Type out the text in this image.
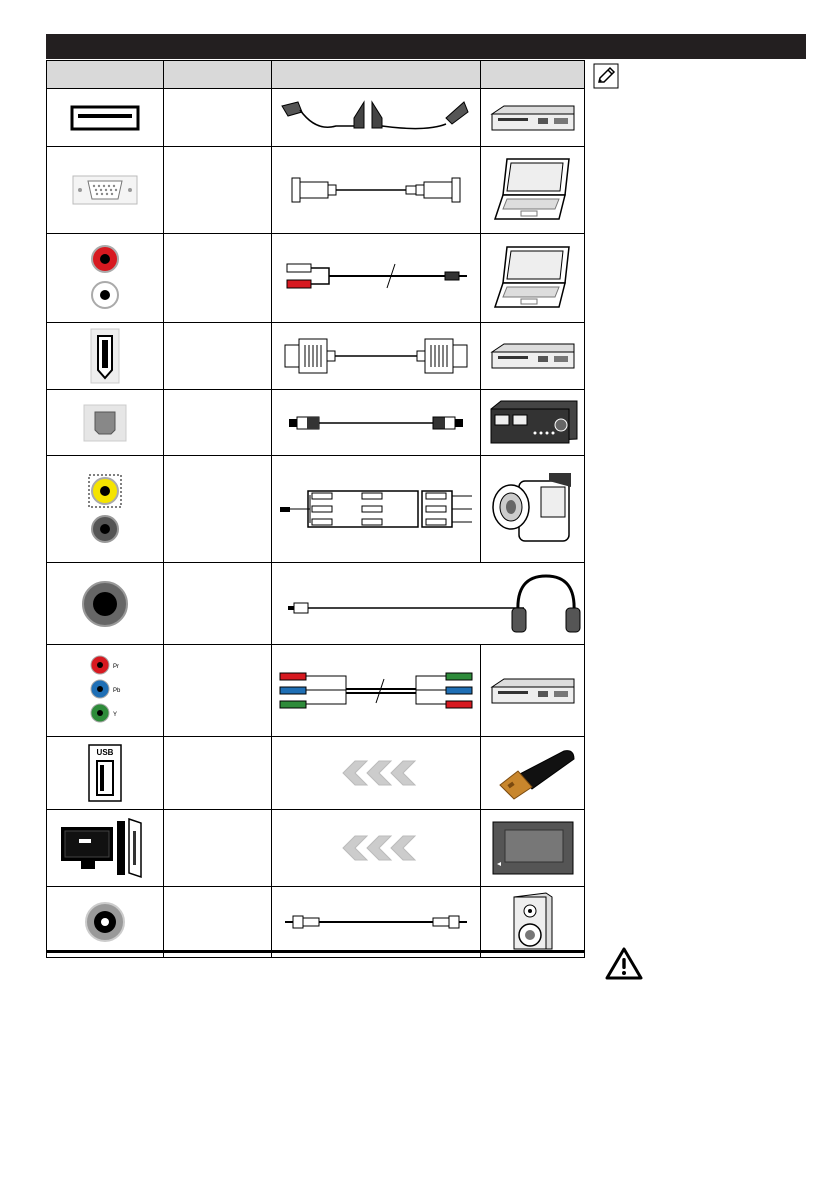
Pr
Pb
Y

USB
